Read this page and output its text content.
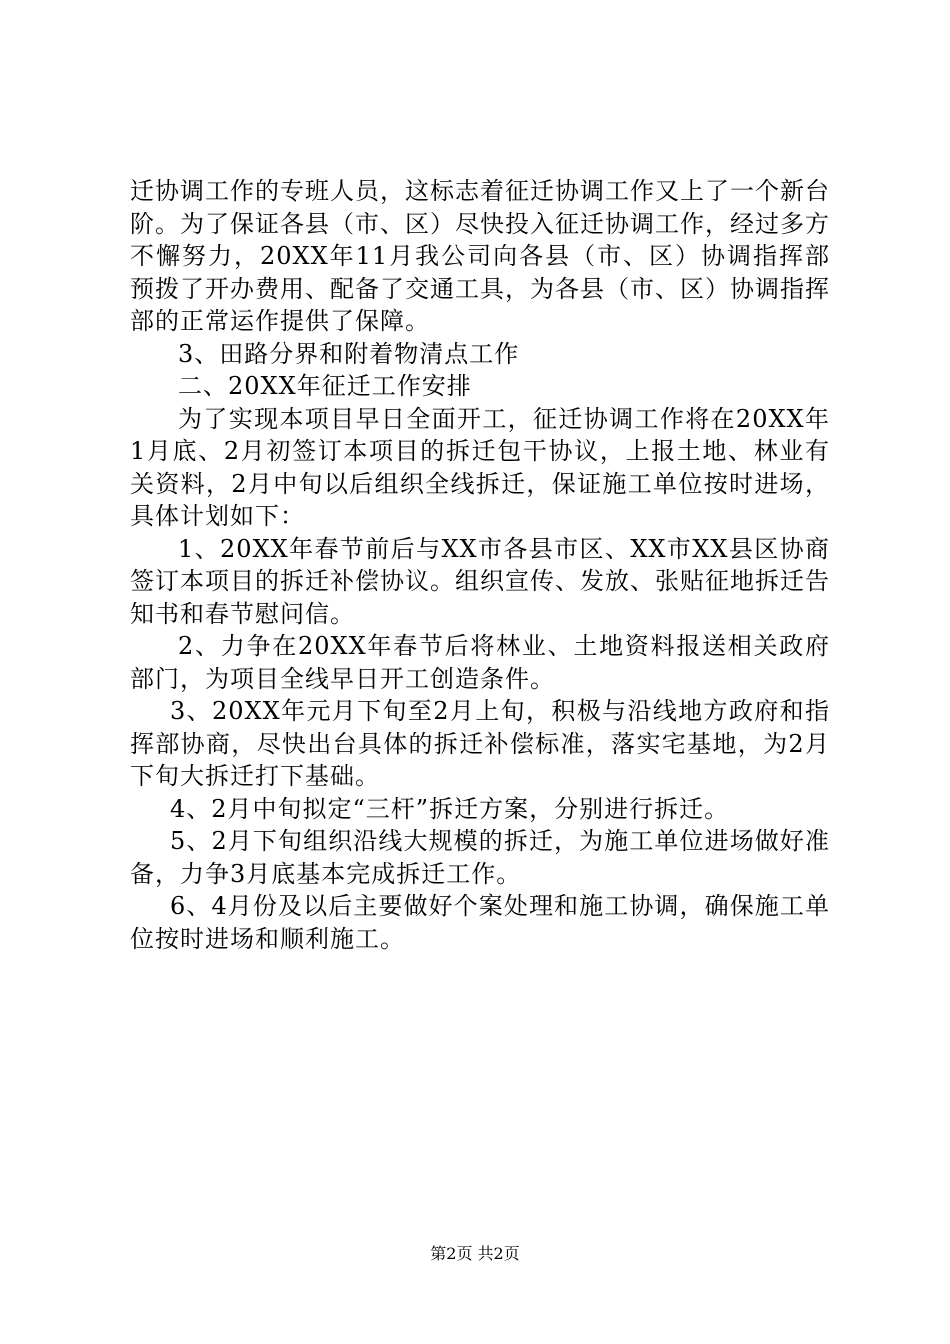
迁协调工作的专班人员，这标志着征迁协调工作又上了一个新台阶。为了保证各县（市、区）尽快投入征迁协调工作，经过多方不懈努力，20XX年11月我公司向各县（市、区）协调指挥部预拨了开办费用、配备了交通工具，为各县（市、区）协调指挥部的正常运作提供了保障。

3、田路分界和附着物清点工作

二、20XX年征迁工作安排

为了实现本项目早日全面开工，征迁协调工作将在20XX年1月底、2月初签订本项目的拆迁包干协议，上报土地、林业有关资料，2月中旬以后组织全线拆迁，保证施工单位按时进场，具体计划如下：

1、20XX年春节前后与XX市各县市区、XX市XX县区协商签订本项目的拆迁补偿协议。组织宣传、发放、张贴征地拆迁告知书和春节慰问信。

2、力争在20XX年春节后将林业、土地资料报送相关政府部门，为项目全线早日开工创造条件。

3、20XX年元月下旬至2月上旬，积极与沿线地方政府和指挥部协商，尽快出台具体的拆迁补偿标准，落实宅基地，为2月下旬大拆迁打下基础。

4、2月中旬拟定“三杆”拆迁方案，分别进行拆迁。

5、2月下旬组织沿线大规模的拆迁，为施工单位进场做好准备，力争3月底基本完成拆迁工作。

6、4月份及以后主要做好个案处理和施工协调，确保施工单位按时进场和顺利施工。

第2页 共2页
